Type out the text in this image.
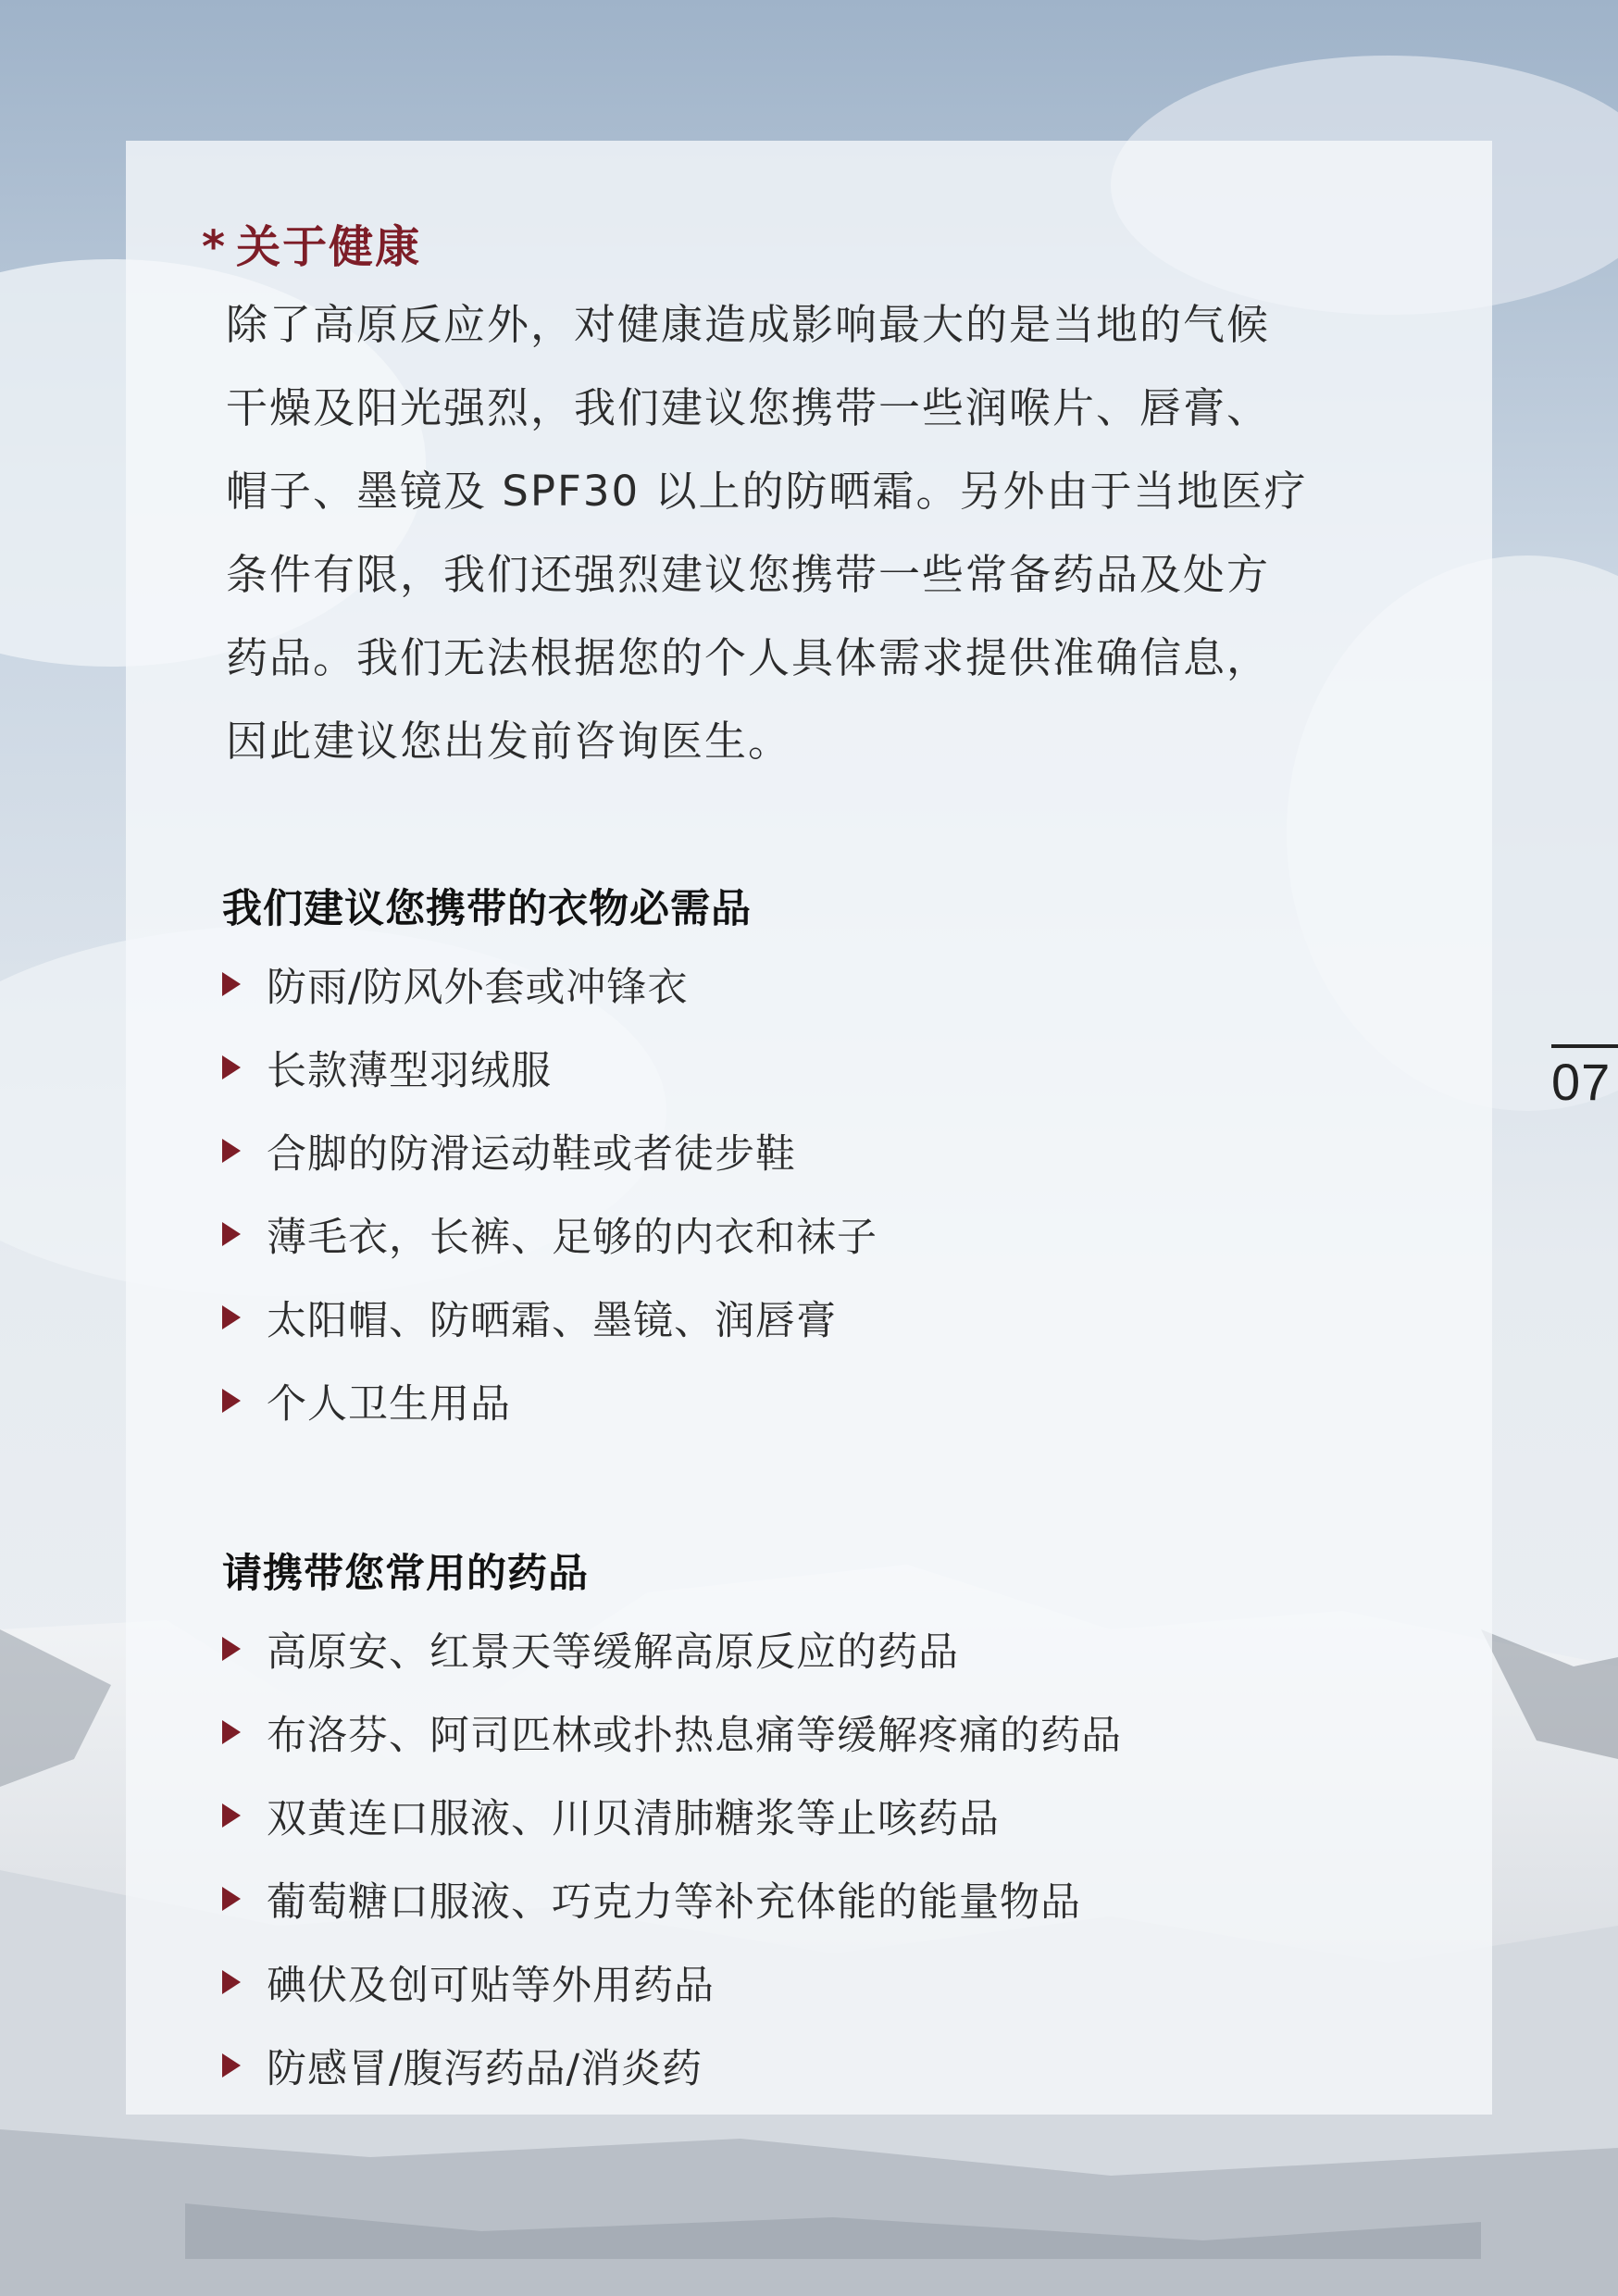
* 关于健康
除了高原反应外，对健康造成影响最大的是当地的气候
干燥及阳光强烈，我们建议您携带一些润喉片、唇膏、
帽子、墨镜及 SPF30 以上的防晒霜。另外由于当地医疗
条件有限，我们还强烈建议您携带一些常备药品及处方
药品。我们无法根据您的个人具体需求提供准确信息，
因此建议您出发前咨询医生。
我们建议您携带的衣物必需品
防雨/防风外套或冲锋衣
长款薄型羽绒服
合脚的防滑运动鞋或者徒步鞋
薄毛衣，长裤、足够的内衣和袜子
太阳帽、防晒霜、墨镜、润唇膏
个人卫生用品
请携带您常用的药品
高原安、红景天等缓解高原反应的药品
布洛芬、阿司匹林或扑热息痛等缓解疼痛的药品
双黄连口服液、川贝清肺糖浆等止咳药品
葡萄糖口服液、巧克力等补充体能的能量物品
碘伏及创可贴等外用药品
防感冒/腹泻药品/消炎药
07
